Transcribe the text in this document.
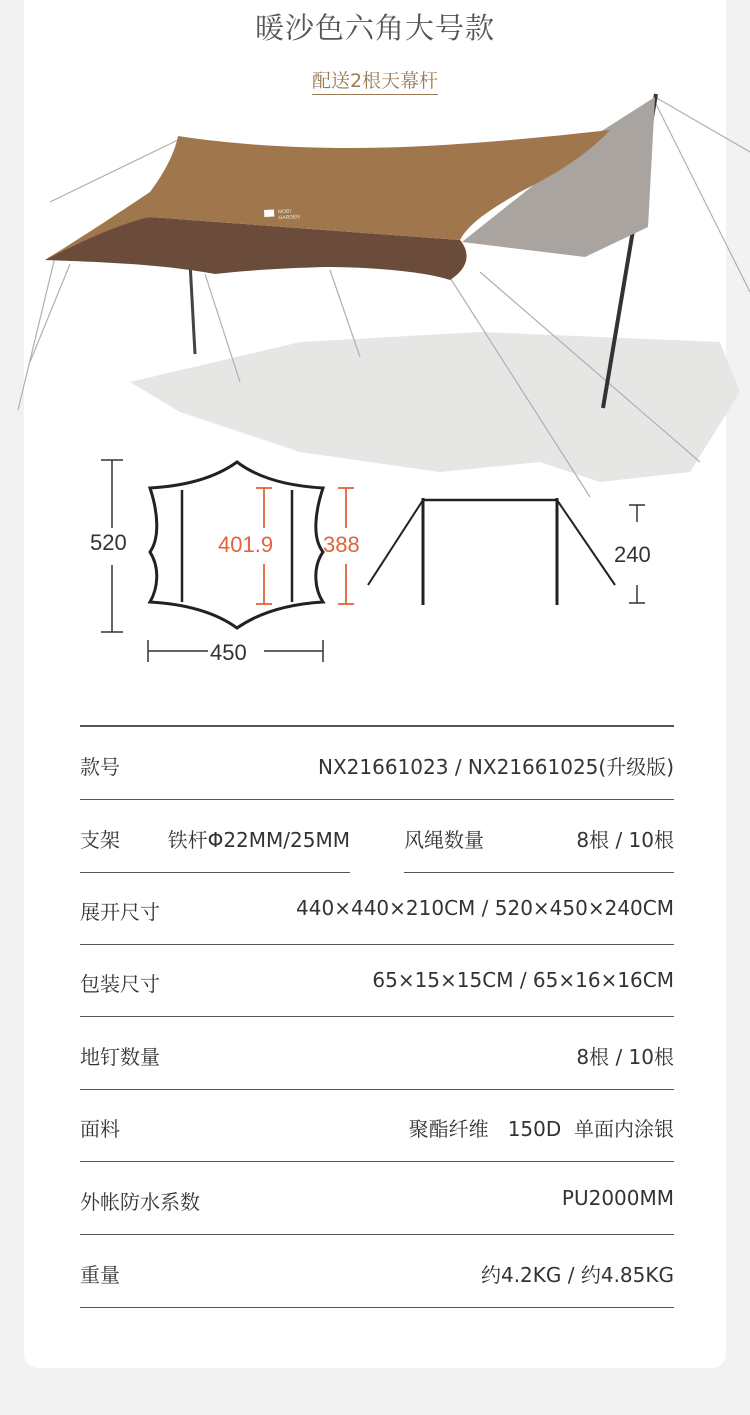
暖沙色六角大号款
配送2根天幕杆
MOBI
GARDEN
520	401.9 388
450
240
款号	NX21661023 / NX21661025(升级版)
支架 铁杆Φ22MM/25MM	风绳数量	8根 / 10根
展开尺寸	440×440×210CM / 520×450×240CM
包装尺寸	65×15×15CM / 65×16×16CM
地钉数量	8根 / 10根
面料	聚酯纤维   150D  单面内涂银
外帐防水系数	PU2000MM
重量	约4.2KG / 约4.85KG
